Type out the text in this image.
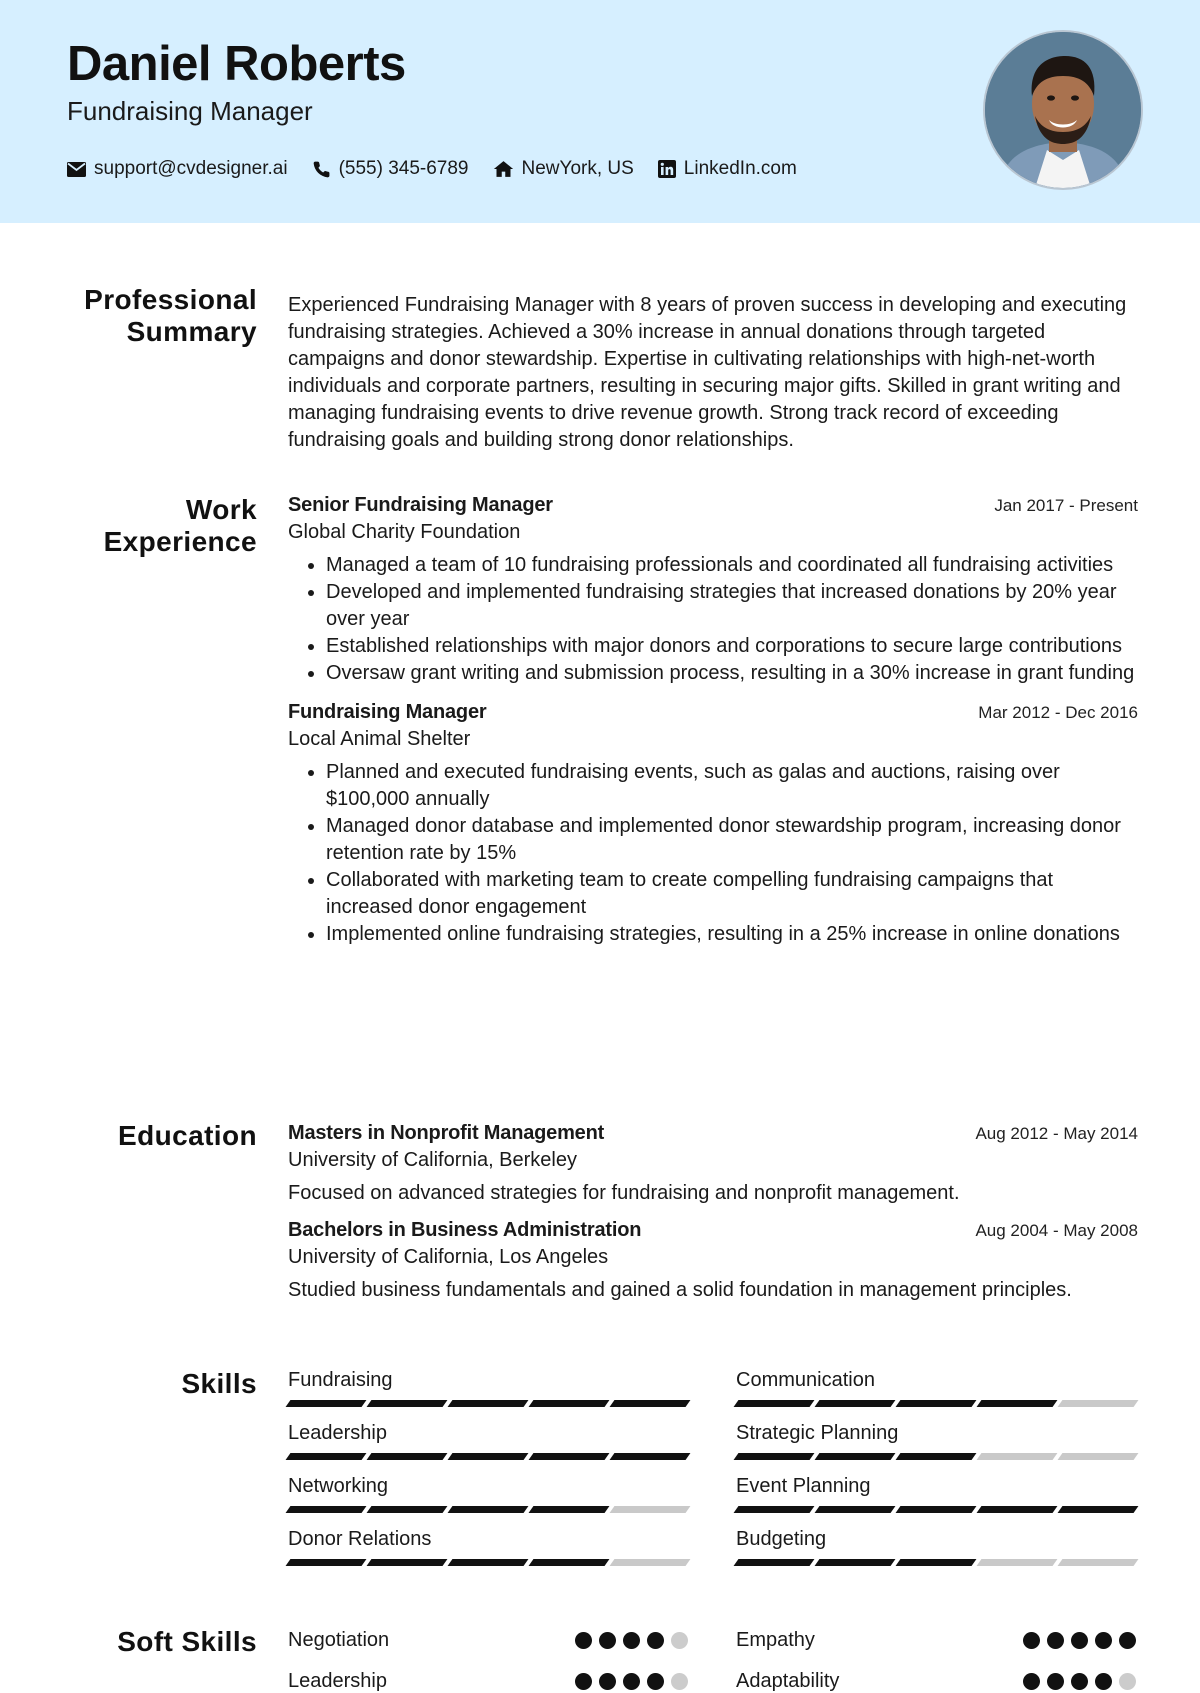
Daniel Roberts
Fundraising Manager
support@cvdesigner.ai	(555) 345-6789	NewYork, US	LinkedIn.com
Professional Summary
Experienced Fundraising Manager with 8 years of proven success in developing and executing fundraising strategies. Achieved a 30% increase in annual donations through targeted campaigns and donor stewardship. Expertise in cultivating relationships with high-net-worth individuals and corporate partners, resulting in securing major gifts. Skilled in grant writing and managing fundraising events to drive revenue growth. Strong track record of exceeding fundraising goals and building strong donor relationships.
Work Experience
Senior Fundraising Manager	Jan 2017 - Present
Global Charity Foundation
• Managed a team of 10 fundraising professionals and coordinated all fundraising activities
• Developed and implemented fundraising strategies that increased donations by 20% year over year
• Established relationships with major donors and corporations to secure large contributions
• Oversaw grant writing and submission process, resulting in a 30% increase in grant funding
Fundraising Manager	Mar 2012 - Dec 2016
Local Animal Shelter
• Planned and executed fundraising events, such as galas and auctions, raising over $100,000 annually
• Managed donor database and implemented donor stewardship program, increasing donor retention rate by 15%
• Collaborated with marketing team to create compelling fundraising campaigns that increased donor engagement
• Implemented online fundraising strategies, resulting in a 25% increase in online donations
Education Masters in Nonprofit Management	Aug 2012 - May 2014
University of California, Berkeley
Focused on advanced strategies for fundraising and nonprofit management.
Bachelors in Business Administration	Aug 2004 - May 2008
University of California, Los Angeles
Studied business fundamentals and gained a solid foundation in management principles.
Skills Fundraising	Communication
Leadership	Strategic Planning
Networking	Event Planning
Donor Relations	Budgeting
Soft Skills Negotiation	Empathy
Leadership	Adaptability
